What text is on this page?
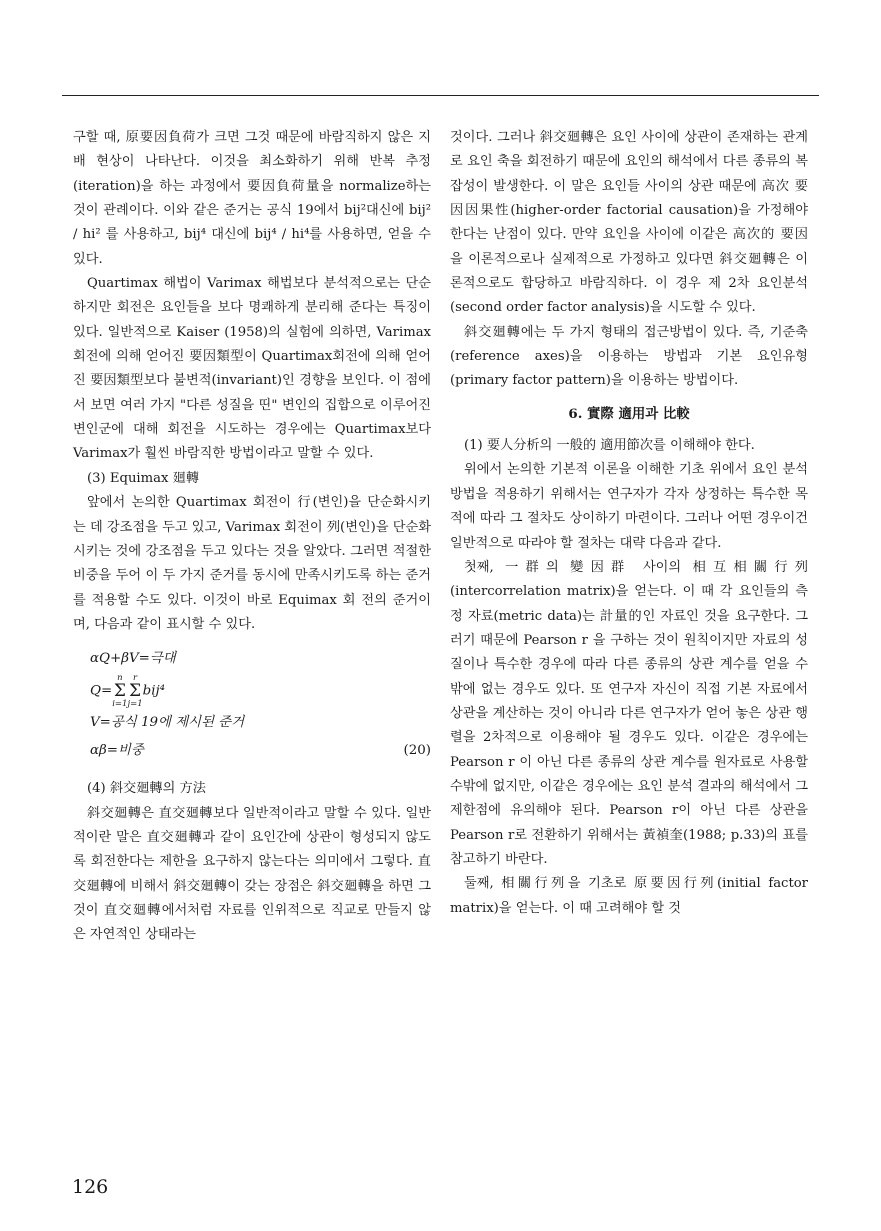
구할 때, 原要因負荷가 크면 그것 때문에 바람직하지 않은 지배 현상이 나타난다. 이것을 최소화하기 위해 반복 추정(iteration)을 하는 과정에서 要因負荷量을 normalize하는 것이 관례이다. 이와 같은 준거는 공식 19에서 bij²대신에 bij² / hi² 를 사용하고, bij⁴ 대신에 bij⁴ / hi⁴를 사용하면, 얻을 수 있다.

Quartimax 해법이 Varimax 해법보다 분석적으로는 단순하지만 회전은 요인들을 보다 명쾌하게 분리해 준다는 특징이 있다. 일반적으로 Kaiser (1958)의 실험에 의하면, Varimax 회전에 의해 얻어진 要因類型이 Quartimax회전에 의해 얻어진 要因類型보다 불변적(invariant)인 경향을 보인다. 이 점에서 보면 여러 가지 "다른 성질을 띤" 변인의 집합으로 이루어진 변인군에 대해 회전을 시도하는 경우에는 Quartimax보다 Varimax가 훨씬 바람직한 방법이라고 말할 수 있다.

(3) Equimax 廻轉

앞에서 논의한 Quartimax 회전이 行(변인)을 단순화시키는 데 강조점을 두고 있고, Varimax 회전이 列(변인)을 단순화 시키는 것에 강조점을 두고 있다는 것을 알았다. 그러면 적절한 비중을 두어 이 두 가지 준거를 동시에 만족시키도록 하는 준거를 적용할 수도 있다. 이것이 바로 Equimax 회 전의 준거이며, 다음과 같이 표시할 수 있다.

αQ+βV=극대
Q=
n
Σ
i=1
r
Σ
j=1
bij⁴
V=공식 19에 제시된 준거
αβ=비중	(20)

(4) 斜交廻轉의 方法

斜交廻轉은 直交廻轉보다 일반적이라고 말할 수 있다. 일반적이란 말은 直交廻轉과 같이 요인간에 상관이 형성되지 않도록 회전한다는 제한을 요구하지 않는다는 의미에서 그렇다. 直交廻轉에 비해서 斜交廻轉이 갖는 장점은 斜交廻轉을 하면 그것이 直交廻轉에서처럼 자료를 인위적으로 직교로 만들지 않은 자연적인 상태라는

것이다. 그러나 斜交廻轉은 요인 사이에 상관이 존재하는 관계로 요인 축을 회전하기 때문에 요인의 해석에서 다른 종류의 복잡성이 발생한다. 이 말은 요인들 사이의 상관 때문에 高次 要因因果性(higher-order factorial causation)을 가정해야 한다는 난점이 있다. 만약 요인을 사이에 이같은 高次的 要因을 이론적으로나 실제적으로 가정하고 있다면 斜交廻轉은 이론적으로도 합당하고 바람직하다. 이 경우 제 2차 요인분석(second order factor analysis)을 시도할 수 있다.

斜交廻轉에는 두 가지 형태의 접근방법이 있다. 즉, 기준축(reference axes)을 이용하는 방법과 기본 요인유형(primary factor pattern)을 이용하는 방법이다.

6. 實際 適用과 比較

(1) 要人分析의 一般的 適用節次를 이해해야 한다.

위에서 논의한 기본적 이론을 이해한 기초 위에서 요인 분석 방법을 적용하기 위해서는 연구자가 각자 상정하는 특수한 목적에 따라 그 절차도 상이하기 마련이다. 그러나 어떤 경우이건 일반적으로 따라야 할 절차는 대략 다음과 같다.

첫째, 一群의 變因群 사이의 相互相關行列(intercorrelation matrix)을 얻는다. 이 때 각 요인들의 측정 자료(metric data)는 計量的인 자료인 것을 요구한다. 그러기 때문에 Pearson r 을 구하는 것이 원칙이지만 자료의 성질이나 특수한 경우에 따라 다른 종류의 상관 계수를 얻을 수 밖에 없는 경우도 있다. 또 연구자 자신이 직접 기본 자료에서 상관을 계산하는 것이 아니라 다른 연구자가 얻어 놓은 상관 행렬을 2차적으로 이용해야 될 경우도 있다. 이같은 경우에는 Pearson r 이 아닌 다른 종류의 상관 계수를 원자료로 사용할 수밖에 없지만, 이같은 경우에는 요인 분석 결과의 해석에서 그 제한점에 유의해야 된다. Pearson r이 아닌 다른 상관을 Pearson r로 전환하기 위해서는 黃禎奎(1988; p.33)의 표를 참고하기 바란다.

둘째, 相關行列을 기초로 原要因行列(initial factor matrix)을 얻는다. 이 때 고려해야 할 것

126
